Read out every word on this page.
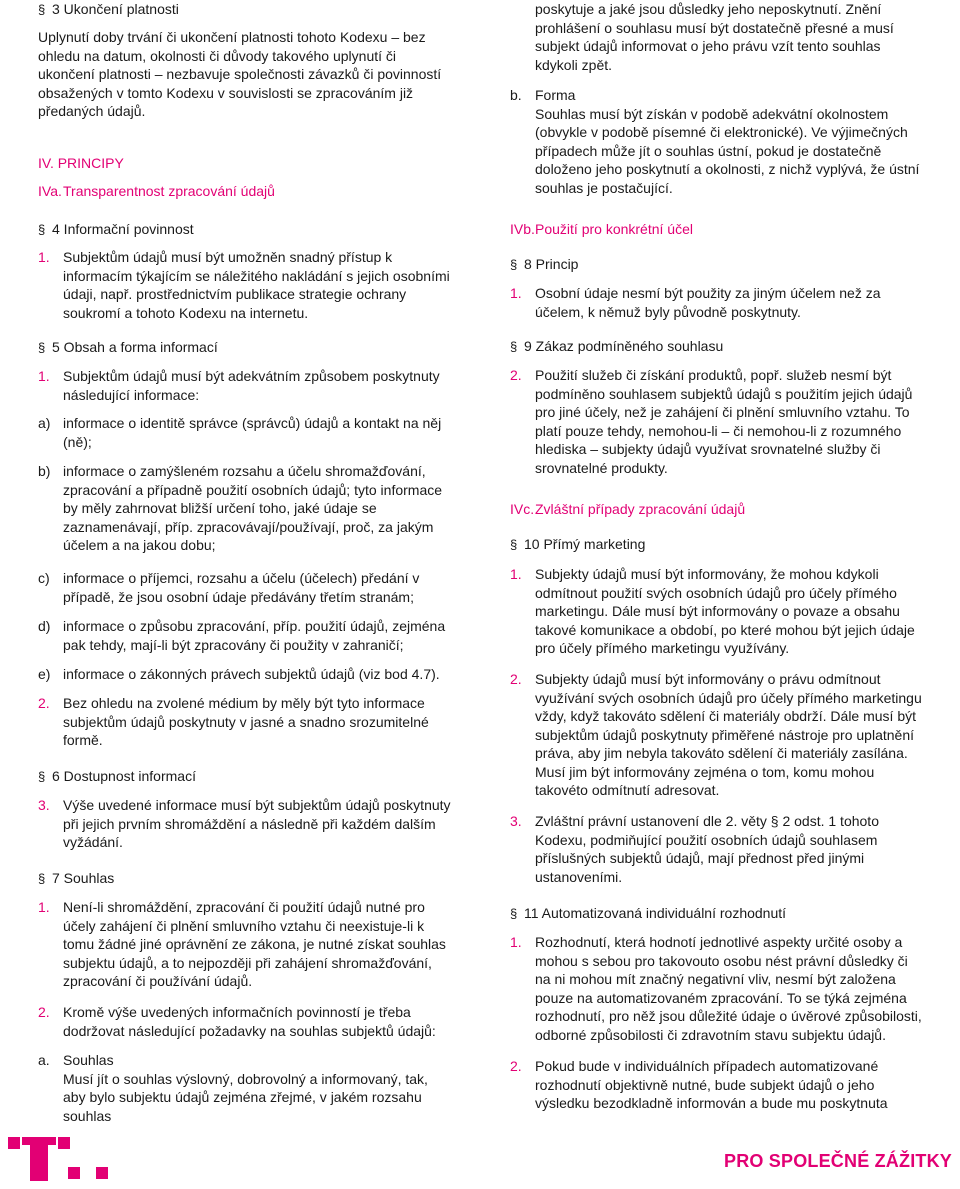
§ 3 Ukončení platnosti

Uplynutí doby trvání či ukončení platnosti tohoto Kodexu – bez ohledu na datum, okolnosti či důvody takového uplynutí či ukončení platnosti – nezbavuje společnosti závazků či povinností obsažených v tomto Kodexu v souvislosti se zpracováním již předaných údajů.

IV. PRINCIPY
IVa. Transparentnost zpracování údajů
§ 4 Informační povinnost
1. Subjektům údajů musí být umožněn snadný přístup k informacím týkajícím se náležitého nakládání s jejich osobními údaji, např. prostřednictvím publikace strategie ochrany soukromí a tohoto Kodexu na internetu.
§ 5 Obsah a forma informací
1. Subjektům údajů musí být adekvátním způsobem poskytnuty následující informace:
a) informace o identitě správce (správců) údajů a kontakt na něj (ně);
b) informace o zamýšleném rozsahu a účelu shromažďování, zpracování a případně použití osobních údajů; tyto informace by měly zahrnovat bližší určení toho, jaké údaje se zaznamenávají, příp. zpracovávají/používají, proč, za jakým účelem a na jakou dobu;
c) informace o příjemci, rozsahu a účelu (účelech) předání v případě, že jsou osobní údaje předávány třetím stranám;
d) informace o způsobu zpracování, příp. použití údajů, zejména pak tehdy, mají-li být zpracovány či použity v zahraničí;
e) informace o zákonných právech subjektů údajů (viz bod 4.7).
2. Bez ohledu na zvolené médium by měly být tyto informace subjektům údajů poskytnuty v jasné a snadno srozumitelné formě.
§ 6 Dostupnost informací
3. Výše uvedené informace musí být subjektům údajů poskytnuty při jejich prvním shromáždění a následně při každém dalším vyžádání.
§ 7 Souhlas
1. Není-li shromáždění, zpracování či použití údajů nutné pro účely zahájení či plnění smluvního vztahu či neexistuje-li k tomu žádné jiné oprávnění ze zákona, je nutné získat souhlas subjektu údajů, a to nejpozději při zahájení shromažďování, zpracování či používání údajů.
2. Kromě výše uvedených informačních povinností je třeba dodržovat následující požadavky na souhlas subjektů údajů:
a. Souhlas
Musí jít o souhlas výslovný, dobrovolný a informovaný, tak, aby bylo subjektu údajů zejména zřejmé, v jakém rozsahu souhlas
poskytuje a jaké jsou důsledky jeho neposkytnutí. Znění prohlášení o souhlasu musí být dostatečně přesné a musí subjekt údajů informovat o jeho právu vzít tento souhlas kdykoli zpět.
b. Forma
Souhlas musí být získán v podobě adekvátní okolnostem (obvykle v podobě písemné či elektronické). Ve výjimečných případech může jít o souhlas ústní, pokud je dostatečně doloženo jeho poskytnutí a okolnosti, z nichž vyplývá, že ústní souhlas je postačující.
IVb. Použití pro konkrétní účel
§ 8 Princip
1. Osobní údaje nesmí být použity za jiným účelem než za účelem, k němuž byly původně poskytnuty.
§ 9 Zákaz podmíněného souhlasu
2. Použití služeb či získání produktů, popř. služeb nesmí být podmíněno souhlasem subjektů údajů s použitím jejich údajů pro jiné účely, než je zahájení či plnění smluvního vztahu. To platí pouze tehdy, nemohou-li – či nemohou-li z rozumného hlediska – subjekty údajů využívat srovnatelné služby či srovnatelné produkty.
IVc. Zvláštní případy zpracování údajů
§ 10 Přímý marketing
1. Subjekty údajů musí být informovány, že mohou kdykoli odmítnout použití svých osobních údajů pro účely přímého marketingu. Dále musí být informovány o povaze a obsahu takové komunikace a období, po které mohou být jejich údaje pro účely přímého marketingu využívány.
2. Subjekty údajů musí být informovány o právu odmítnout využívání svých osobních údajů pro účely přímého marketingu vždy, když takováto sdělení či materiály obdrží. Dále musí být subjektům údajů poskytnuty přiměřené nástroje pro uplatnění práva, aby jim nebyla takováto sdělení či materiály zasílána. Musí jim být informovány zejména o tom, komu mohou takovéto odmítnutí adresovat.
3. Zvláštní právní ustanovení dle 2. věty § 2 odst. 1 tohoto Kodexu, podmiňující použití osobních údajů souhlasem příslušných subjektů údajů, mají přednost před jinými ustanoveními.
§ 11 Automatizovaná individuální rozhodnutí
1. Rozhodnutí, která hodnotí jednotlivé aspekty určité osoby a mohou s sebou pro takovouto osobu nést právní důsledky či na ni mohou mít značný negativní vliv, nesmí být založena pouze na automatizovaném zpracování. To se týká zejména rozhodnutí, pro něž jsou důležité údaje o úvěrové způsobilosti, odborné způsobilosti či zdravotním stavu subjektu údajů.
2. Pokud bude v individuálních případech automatizované rozhodnutí objektivně nutné, bude subjekt údajů o jeho výsledku bezodkladně informován a bude mu poskytnuta
PRO SPOLEČNÉ ZÁŽITKY
